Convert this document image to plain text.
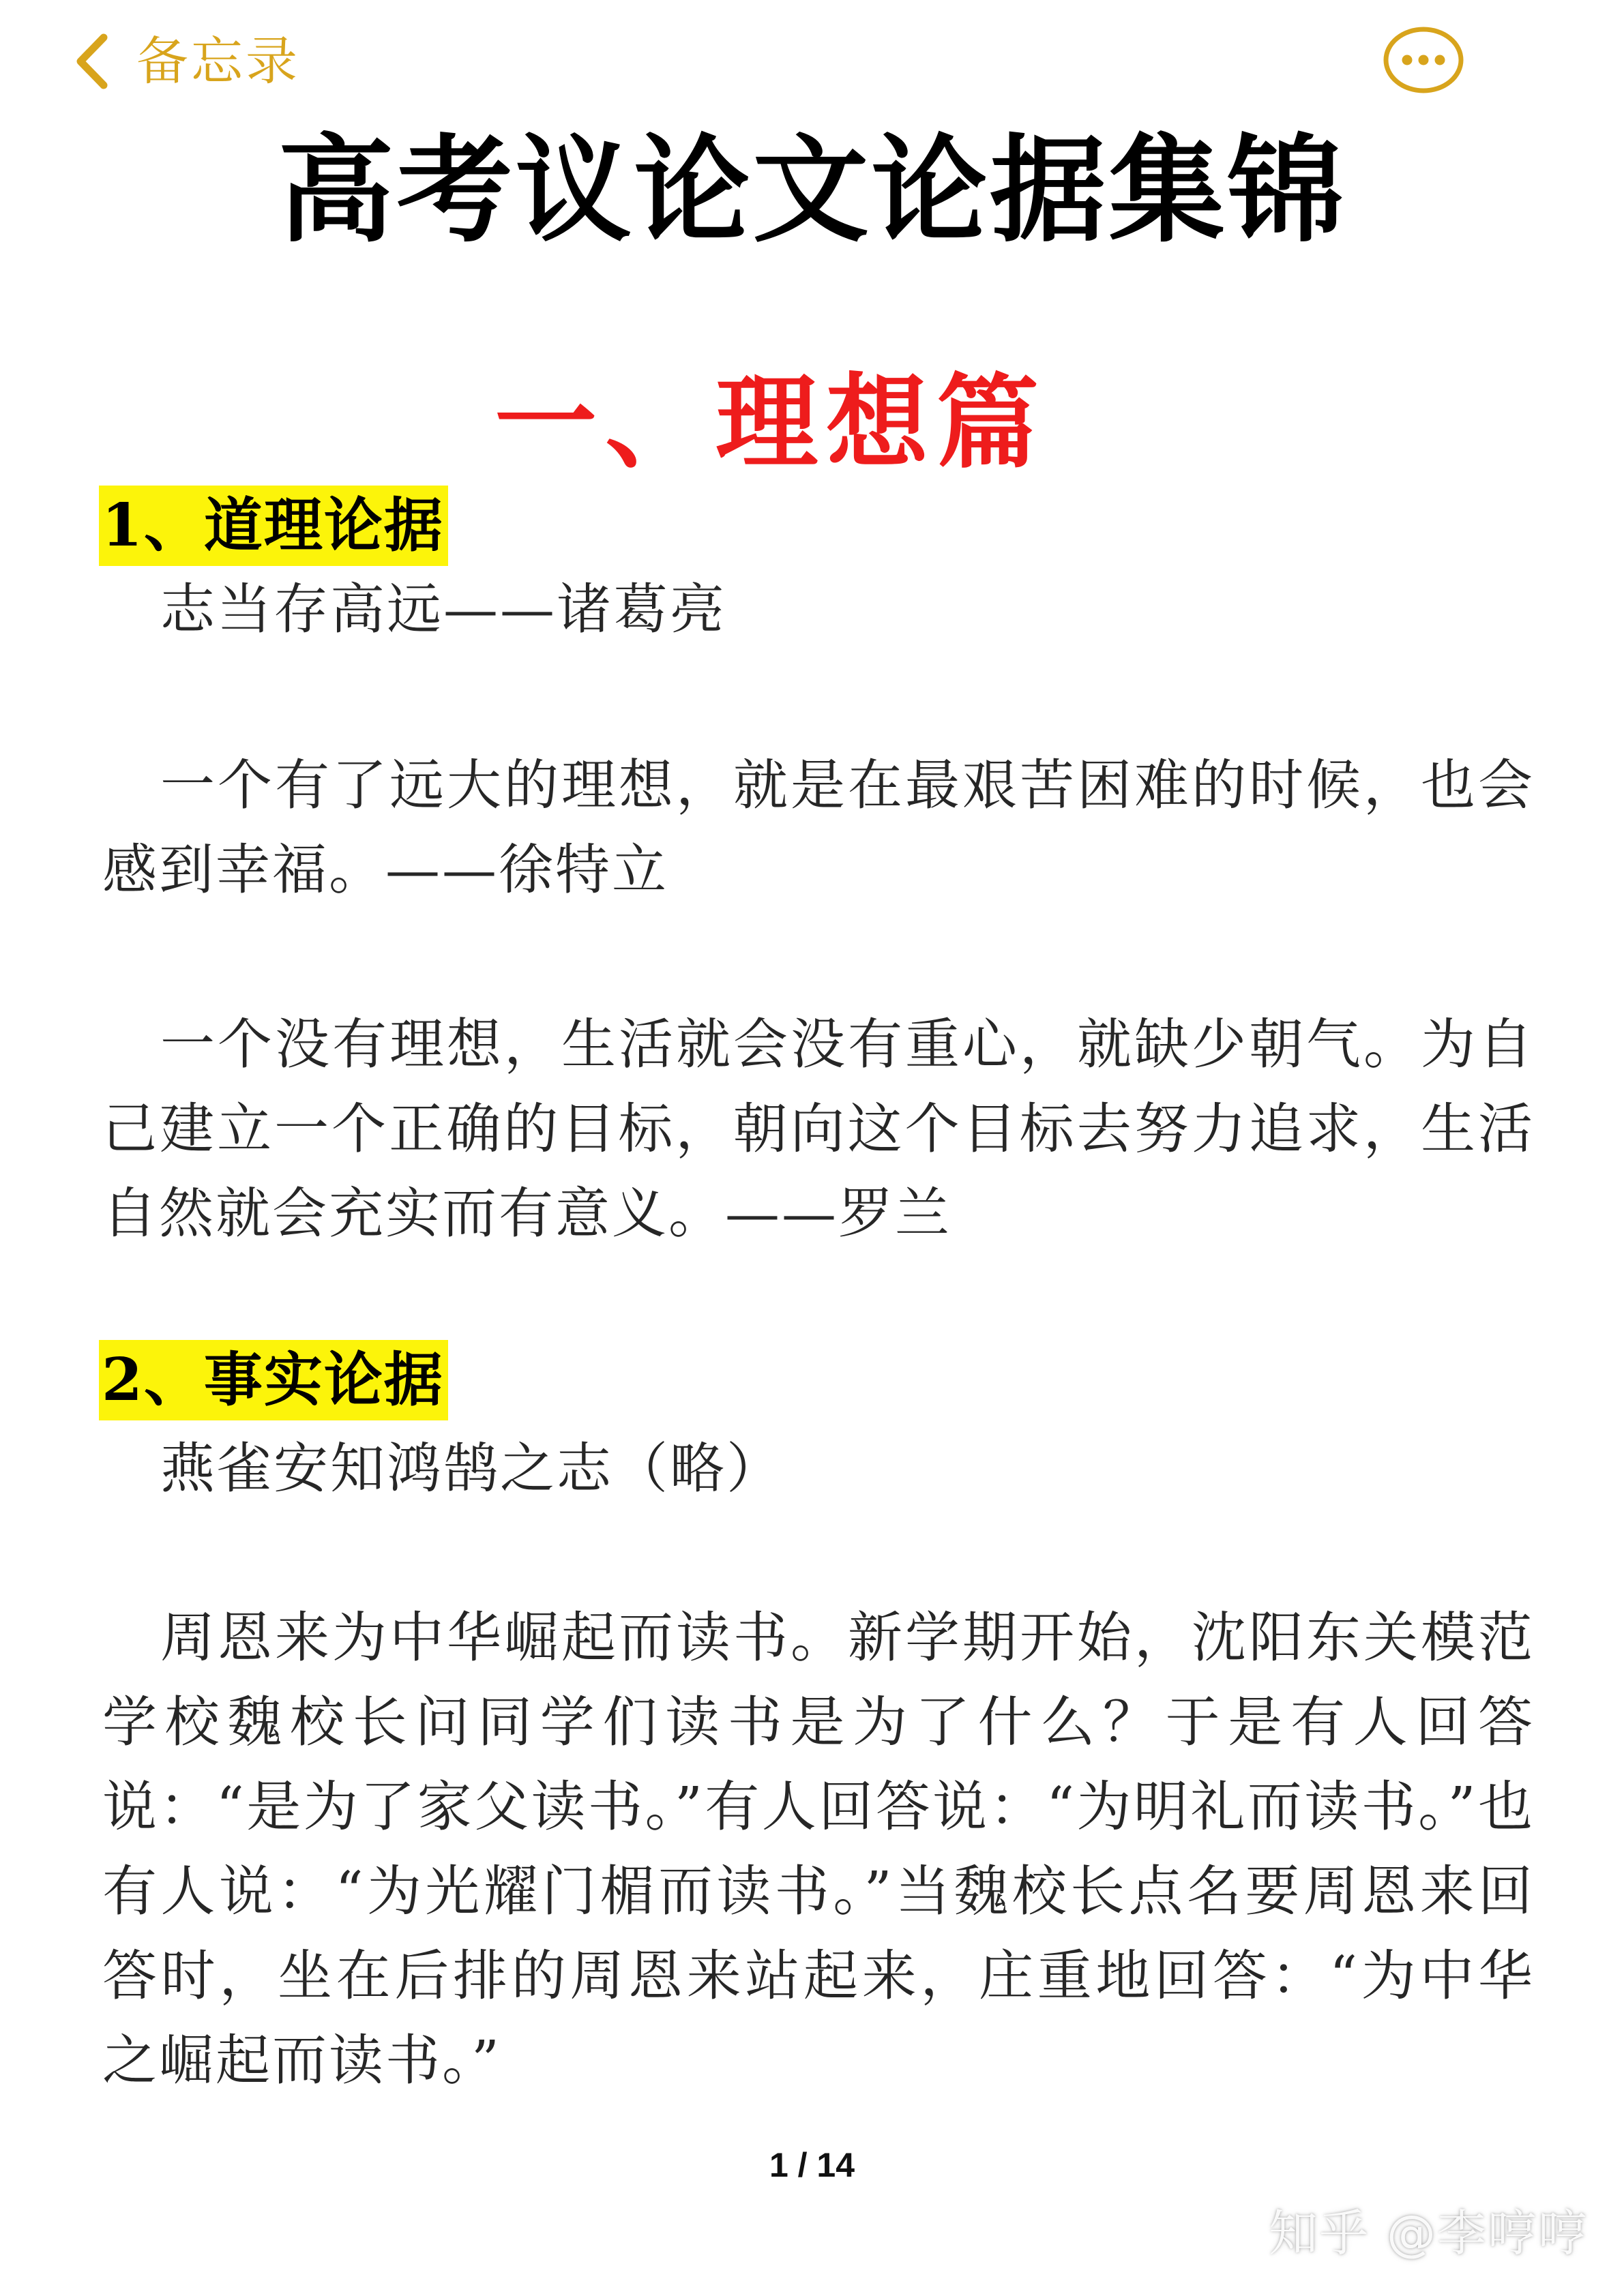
备忘录
高考议论文论据集锦
一、理想篇
1、道理论据

志当存高远——诸葛亮

一个有了远大的理想，就是在最艰苦困难的时候，也会感到幸福。——徐特立

一个没有理想，生活就会没有重心，就缺少朝气。为自己建立一个正确的目标，朝向这个目标去努力追求，生活自然就会充实而有意义。——罗兰

2、事实论据

燕雀安知鸿鹄之志（略）

周恩来为中华崛起而读书。新学期开始，沈阳东关模范学校魏校长问同学们读书是为了什么？于是有人回答说：“是为了家父读书。”有人回答说：“为明礼而读书。”也有人说：“为光耀门楣而读书。”当魏校长点名要周恩来回答时，坐在后排的周恩来站起来，庄重地回答：“为中华之崛起而读书。”

1 / 14
知乎 @李哼哼
